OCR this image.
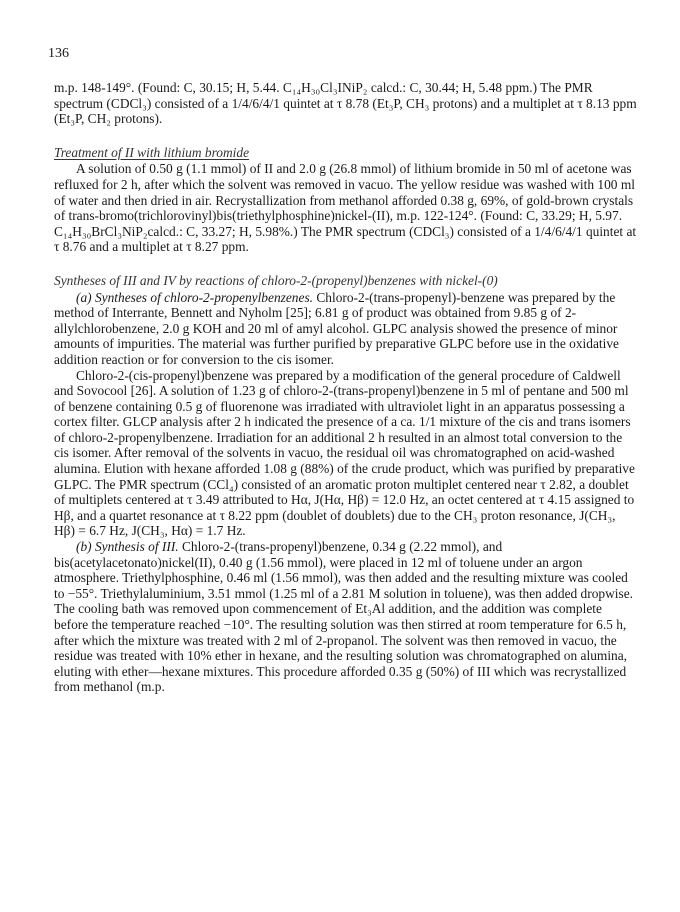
136

m.p. 148-149°. (Found: C, 30.15; H, 5.44. C₁₄H₃₀Cl₃INiP₂ calcd.: C, 30.44; H, 5.48 ppm.) The PMR spectrum (CDCl₃) consisted of a 1/4/6/4/1 quintet at τ 8.78 (Et₃P, CH₃ protons) and a multiplet at τ 8.13 ppm (Et₃P, CH₂ protons).

Treatment of II with lithium bromide

A solution of 0.50 g (1.1 mmol) of II and 2.0 g (26.8 mmol) of lithium bromide in 50 ml of acetone was refluxed for 2 h, after which the solvent was removed in vacuo. The yellow residue was washed with 100 ml of water and then dried in air. Recrystallization from methanol afforded 0.38 g, 69%, of gold-brown crystals of trans-bromo(trichlorovinyl)bis(triethylphosphine)nickel-(II), m.p. 122-124°. (Found: C, 33.29; H, 5.97. C₁₄H₃₀BrCl₃NiP₂calcd.: C, 33.27; H, 5.98%.) The PMR spectrum (CDCl₃) consisted of a 1/4/6/4/1 quintet at τ 8.76 and a multiplet at τ 8.27 ppm.

Syntheses of III and IV by reactions of chloro-2-(propenyl)benzenes with nickel-(0)

(a) Syntheses of chloro-2-propenylbenzenes. Chloro-2-(trans-propenyl)-benzene was prepared by the method of Interrante, Bennett and Nyholm [25]; 6.81 g of product was obtained from 9.85 g of 2-allylchlorobenzene, 2.0 g KOH and 20 ml of amyl alcohol. GLPC analysis showed the presence of minor amounts of impurities. The material was further purified by preparative GLPC before use in the oxidative addition reaction or for conversion to the cis isomer.

Chloro-2-(cis-propenyl)benzene was prepared by a modification of the general procedure of Caldwell and Sovocool [26]. A solution of 1.23 g of chloro-2-(trans-propenyl)benzene in 5 ml of pentane and 500 ml of benzene containing 0.5 g of fluorenone was irradiated with ultraviolet light in an apparatus possessing a cortex filter. GLCP analysis after 2 h indicated the presence of a ca. 1/1 mixture of the cis and trans isomers of chloro-2-propenylbenzene. Irradiation for an additional 2 h resulted in an almost total conversion to the cis isomer. After removal of the solvents in vacuo, the residual oil was chromatographed on acid-washed alumina. Elution with hexane afforded 1.08 g (88%) of the crude product, which was purified by preparative GLPC. The PMR spectrum (CCl₄) consisted of an aromatic proton multiplet centered near τ 2.82, a doublet of multiplets centered at τ 3.49 attributed to Hα, J(Hα, Hβ) = 12.0 Hz, an octet centered at τ 4.15 assigned to Hβ, and a quartet resonance at τ 8.22 ppm (doublet of doublets) due to the CH₃ proton resonance, J(CH₃, Hβ) = 6.7 Hz, J(CH₃, Hα) = 1.7 Hz.

(b) Synthesis of III. Chloro-2-(trans-propenyl)benzene, 0.34 g (2.22 mmol), and bis(acetylacetonato)nickel(II), 0.40 g (1.56 mmol), were placed in 12 ml of toluene under an argon atmosphere. Triethylphosphine, 0.46 ml (1.56 mmol), was then added and the resulting mixture was cooled to −55°. Triethylaluminium, 3.51 mmol (1.25 ml of a 2.81 M solution in toluene), was then added dropwise. The cooling bath was removed upon commencement of Et₃Al addition, and the addition was complete before the temperature reached −10°. The resulting solution was then stirred at room temperature for 6.5 h, after which the mixture was treated with 2 ml of 2-propanol. The solvent was then removed in vacuo, the residue was treated with 10% ether in hexane, and the resulting solution was chromatographed on alumina, eluting with ether—hexane mixtures. This procedure afforded 0.35 g (50%) of III which was recrystallized from methanol (m.p.
